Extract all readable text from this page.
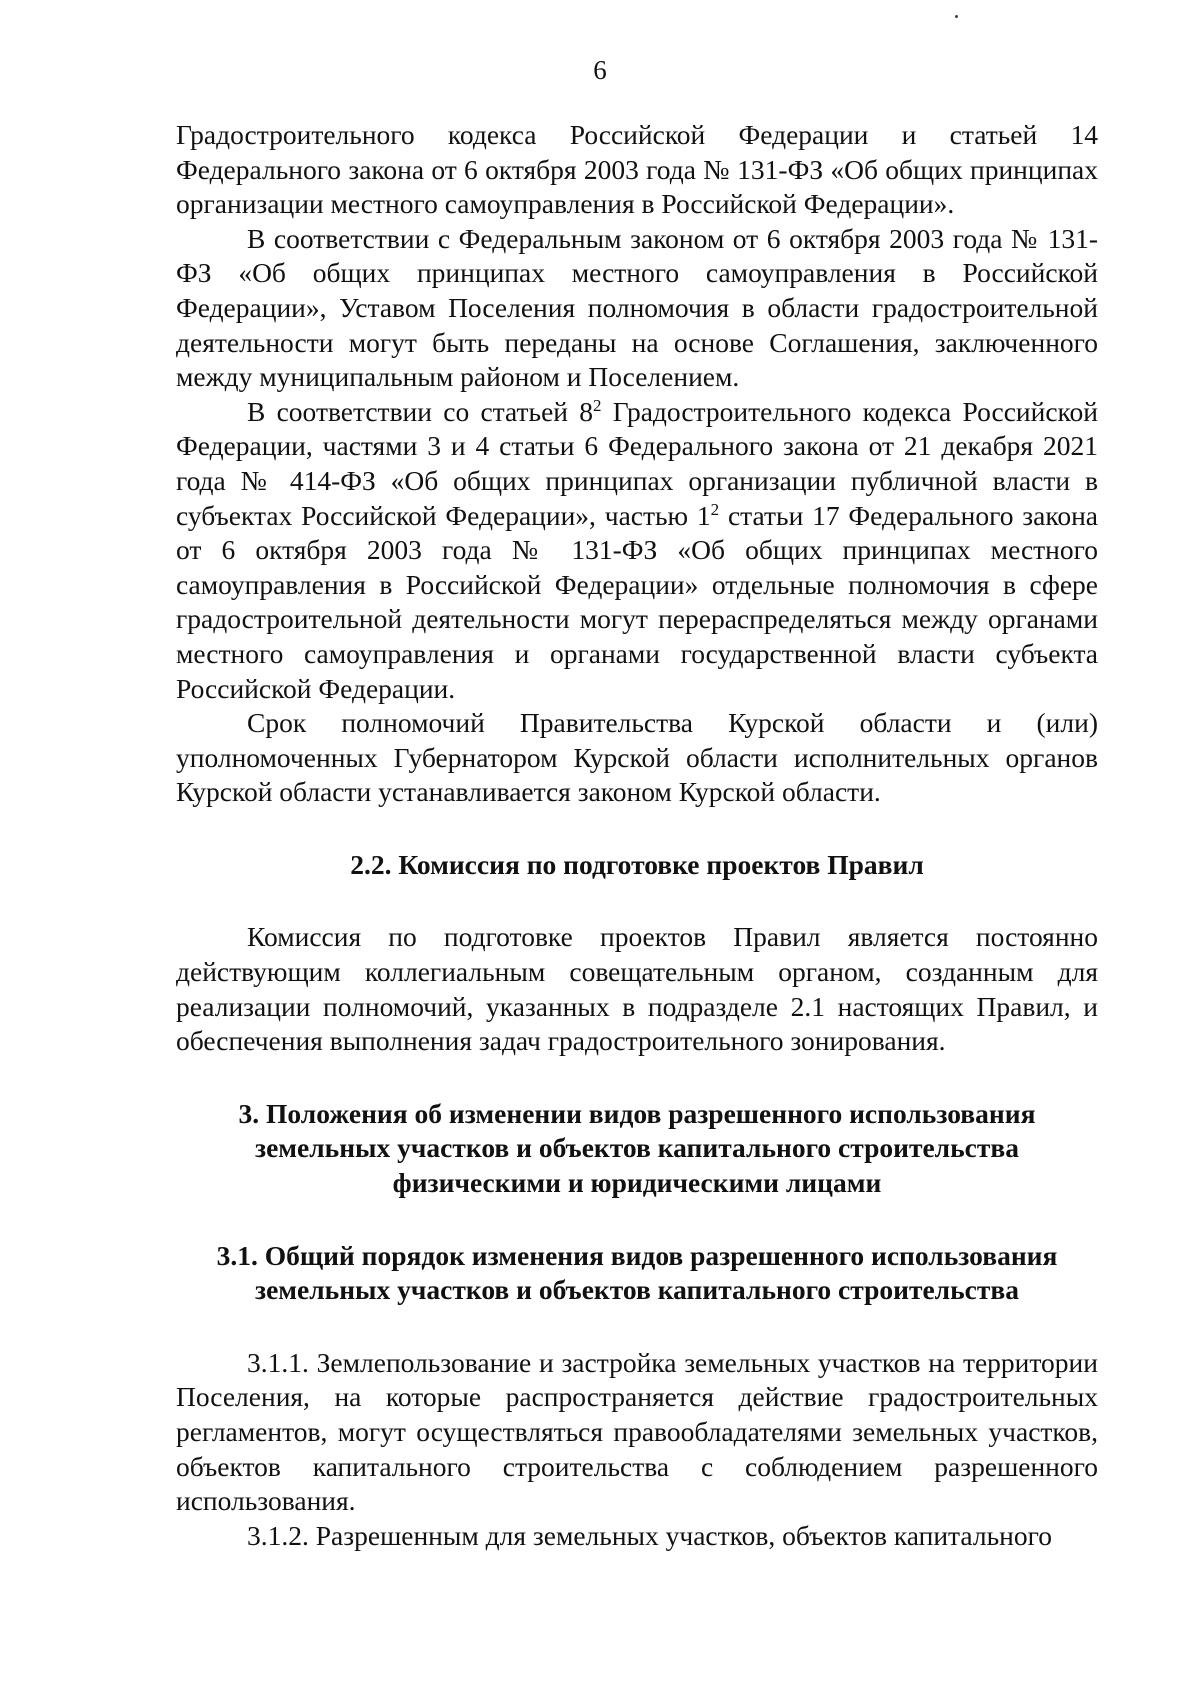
6

Градостроительного кодекса Российской Федерации и статьей 14 Федерального закона от 6 октября 2003 года № 131-ФЗ «Об общих принципах организации местного самоуправления в Российской Федерации».

В соответствии с Федеральным законом от 6 октября 2003 года № 131-ФЗ «Об общих принципах местного самоуправления в Российской Федерации», Уставом Поселения полномочия в области градостроительной деятельности могут быть переданы на основе Соглашения, заключенного между муниципальным районом и Поселением.

В соответствии со статьей $8^2$ Градостроительного кодекса Российской Федерации, частями 3 и 4 статьи 6 Федерального закона от 21 декабря 2021 года № 414-ФЗ «Об общих принципах организации публичной власти в субъектах Российской Федерации», частью $1^2$ статьи 17 Федерального закона от 6 октября 2003 года № 131-ФЗ «Об общих принципах местного самоуправления в Российской Федерации» отдельные полномочия в сфере градостроительной деятельности могут перераспределяться между органами местного самоуправления и органами государственной власти субъекта Российской Федерации.

Срок полномочий Правительства Курской области и (или) уполномоченных Губернатором Курской области исполнительных органов Курской области устанавливается законом Курской области.

2.2. Комиссия по подготовке проектов Правил

Комиссия по подготовке проектов Правил является постоянно действующим коллегиальным совещательным органом, созданным для реализации полномочий, указанных в подразделе 2.1 настоящих Правил, и обеспечения выполнения задач градостроительного зонирования.

3. Положения об изменении видов разрешенного использования
земельных участков и объектов капитального строительства
физическими и юридическими лицами
3.1. Общий порядок изменения видов разрешенного использования
земельных участков и объектов капитального строительства

3.1.1. Землепользование и застройка земельных участков на территории Поселения, на которые распространяется действие градостроительных регламентов, могут осуществляться правообладателями земельных участков, объектов капитального строительства с соблюдением разрешенного использования.

3.1.2. Разрешенным для земельных участков, объектов капитального
